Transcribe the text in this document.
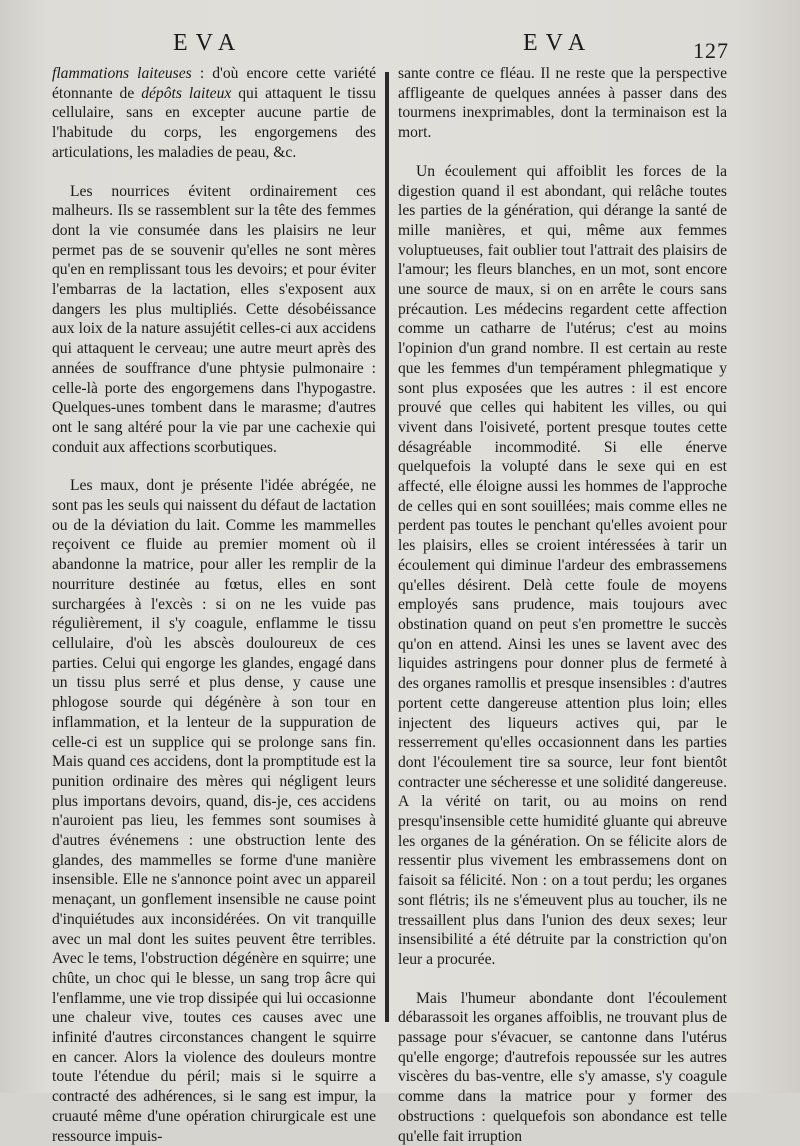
EVA	EVA	127

flammations laiteuses : d'où encore cette variété étonnante de dépôts laiteux qui attaquent le tissu cellulaire, sans en excepter aucune partie de l'habitude du corps, les engorgemens des articulations, les maladies de peau, &c.

Les nourrices évitent ordinairement ces malheurs. Ils se rassemblent sur la tête des femmes dont la vie consumée dans les plaisirs ne leur permet pas de se souvenir qu'elles ne sont mères qu'en en remplissant tous les devoirs; et pour éviter l'embarras de la lactation, elles s'exposent aux dangers les plus multipliés. Cette désobéissance aux loix de la nature assujétit celles-ci aux accidens qui attaquent le cerveau; une autre meurt après des années de souffrance d'une phtysie pulmonaire : celle-là porte des engorgemens dans l'hypogastre. Quelques-unes tombent dans le marasme; d'autres ont le sang altéré pour la vie par une cachexie qui conduit aux affections scorbutiques.

Les maux, dont je présente l'idée abrégée, ne sont pas les seuls qui naissent du défaut de lactation ou de la déviation du lait. Comme les mammelles reçoivent ce fluide au premier moment où il abandonne la matrice, pour aller les remplir de la nourriture destinée au fœtus, elles en sont surchargées à l'excès : si on ne les vuide pas régulièrement, il s'y coagule, enflamme le tissu cellulaire, d'où les abscès douloureux de ces parties. Celui qui engorge les glandes, engagé dans un tissu plus serré et plus dense, y cause une phlogose sourde qui dégénère à son tour en inflammation, et la lenteur de la suppuration de celle-ci est un supplice qui se prolonge sans fin. Mais quand ces accidens, dont la promptitude est la punition ordinaire des mères qui négligent leurs plus importans devoirs, quand, dis-je, ces accidens n'auroient pas lieu, les femmes sont soumises à d'autres événemens : une obstruction lente des glandes, des mammelles se forme d'une manière insensible. Elle ne s'annonce point avec un appareil menaçant, un gonflement insensible ne cause point d'inquiétudes aux inconsidérées. On vit tranquille avec un mal dont les suites peuvent être terribles. Avec le tems, l'obstruction dégénère en squirre; une chûte, un choc qui le blesse, un sang trop âcre qui l'enflamme, une vie trop dissipée qui lui occasionne une chaleur vive, toutes ces causes avec une infinité d'autres circonstances changent le squirre en cancer. Alors la violence des douleurs montre toute l'étendue du péril; mais si le squirre a contracté des adhérences, si le sang est impur, la cruauté même d'une opération chirurgicale est une ressource impuis-

sante contre ce fléau. Il ne reste que la perspective affligeante de quelques années à passer dans des tourmens inexprimables, dont la terminaison est la mort.

Un écoulement qui affoiblit les forces de la digestion quand il est abondant, qui relâche toutes les parties de la génération, qui dérange la santé de mille manières, et qui, même aux femmes voluptueuses, fait oublier tout l'attrait des plaisirs de l'amour; les fleurs blanches, en un mot, sont encore une source de maux, si on en arrête le cours sans précaution. Les médecins regardent cette affection comme un catharre de l'utérus; c'est au moins l'opinion d'un grand nombre. Il est certain au reste que les femmes d'un tempérament phlegmatique y sont plus exposées que les autres : il est encore prouvé que celles qui habitent les villes, ou qui vivent dans l'oisiveté, portent presque toutes cette désagréable incommodité. Si elle énerve quelquefois la volupté dans le sexe qui en est affecté, elle éloigne aussi les hommes de l'approche de celles qui en sont souillées; mais comme elles ne perdent pas toutes le penchant qu'elles avoient pour les plaisirs, elles se croient intéressées à tarir un écoulement qui diminue l'ardeur des embrassemens qu'elles désirent. Delà cette foule de moyens employés sans prudence, mais toujours avec obstination quand on peut s'en promettre le succès qu'on en attend. Ainsi les unes se lavent avec des liquides astringens pour donner plus de fermeté à des organes ramollis et presque insensibles : d'autres portent cette dangereuse attention plus loin; elles injectent des liqueurs actives qui, par le resserrement qu'elles occasionnent dans les parties dont l'écoulement tire sa source, leur font bientôt contracter une sécheresse et une solidité dangereuse. A la vérité on tarit, ou au moins on rend presqu'insensible cette humidité gluante qui abreuve les organes de la génération. On se félicite alors de ressentir plus vivement les embrassemens dont on faisoit sa félicité. Non : on a tout perdu; les organes sont flétris; ils ne s'émeuvent plus au toucher, ils ne tressaillent plus dans l'union des deux sexes; leur insensibilité a été détruite par la constriction qu'on leur a procurée.

Mais l'humeur abondante dont l'écoulement débarassoit les organes affoiblis, ne trouvant plus de passage pour s'évacuer, se cantonne dans l'utérus qu'elle engorge; d'autrefois repoussée sur les autres viscères du bas-ventre, elle s'y amasse, s'y coagule comme dans la matrice pour y former des obstructions : quelquefois son abondance est telle qu'elle fait irruption
